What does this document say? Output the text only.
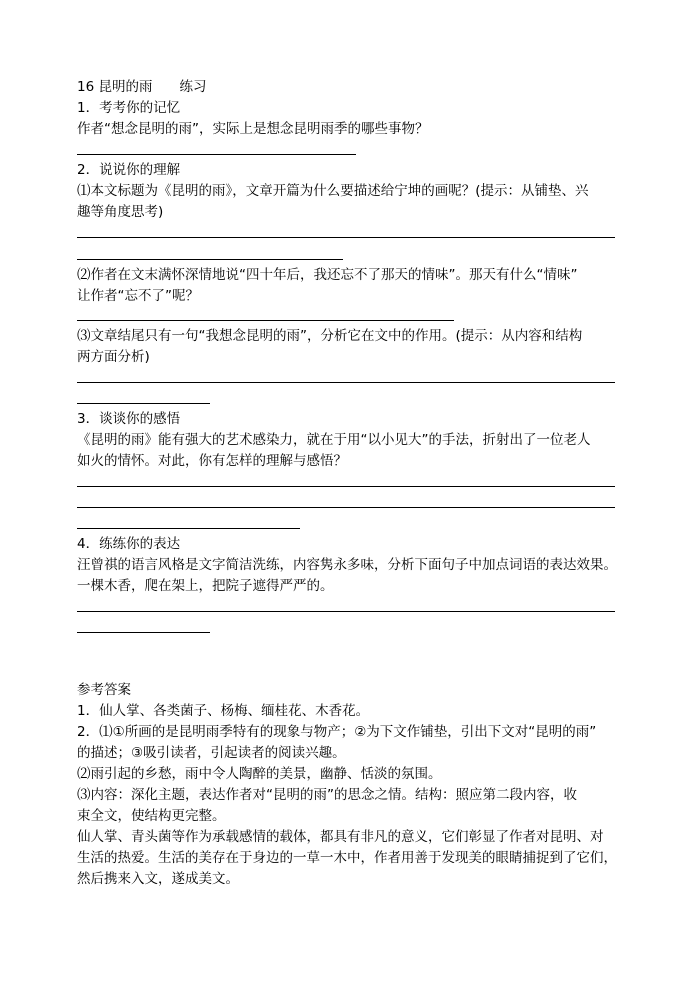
16 昆明的雨　　练习
1．考考你的记忆
作者“想念昆明的雨”，实际上是想念昆明雨季的哪些事物？
2．说说你的理解
⑴本文标题为《昆明的雨》，文章开篇为什么要描述给宁坤的画呢？(提示：从铺垫、兴
趣等角度思考)
⑵作者在文末满怀深情地说“四十年后，我还忘不了那天的情味”。那天有什么“情味”
让作者“忘不了”呢？
⑶文章结尾只有一句“我想念昆明的雨”，分析它在文中的作用。(提示：从内容和结构
两方面分析)
3．谈谈你的感悟
《昆明的雨》能有强大的艺术感染力，就在于用“以小见大”的手法，折射出了一位老人
如火的情怀。对此，你有怎样的理解与感悟？
4．练练你的表达
汪曾祺的语言风格是文字简洁洗练，内容隽永多味，分析下面句子中加点词语的表达效果。
一棵木香，爬在架上，把院子遮得严严的。
参考答案
1．仙人掌、各类菌子、杨梅、缅桂花、木香花。
2．⑴①所画的是昆明雨季特有的现象与物产；②为下文作铺垫，引出下文对“昆明的雨”
的描述；③吸引读者，引起读者的阅读兴趣。
⑵雨引起的乡愁，雨中令人陶醉的美景，幽静、恬淡的氛围。
⑶内容：深化主题，表达作者对“昆明的雨”的思念之情。结构：照应第二段内容，收
束全文，使结构更完整。
仙人掌、青头菌等作为承载感情的载体，都具有非凡的意义，它们彰显了作者对昆明、对
生活的热爱。生活的美存在于身边的一草一木中，作者用善于发现美的眼睛捕捉到了它们，
然后携来入文，遂成美文。
